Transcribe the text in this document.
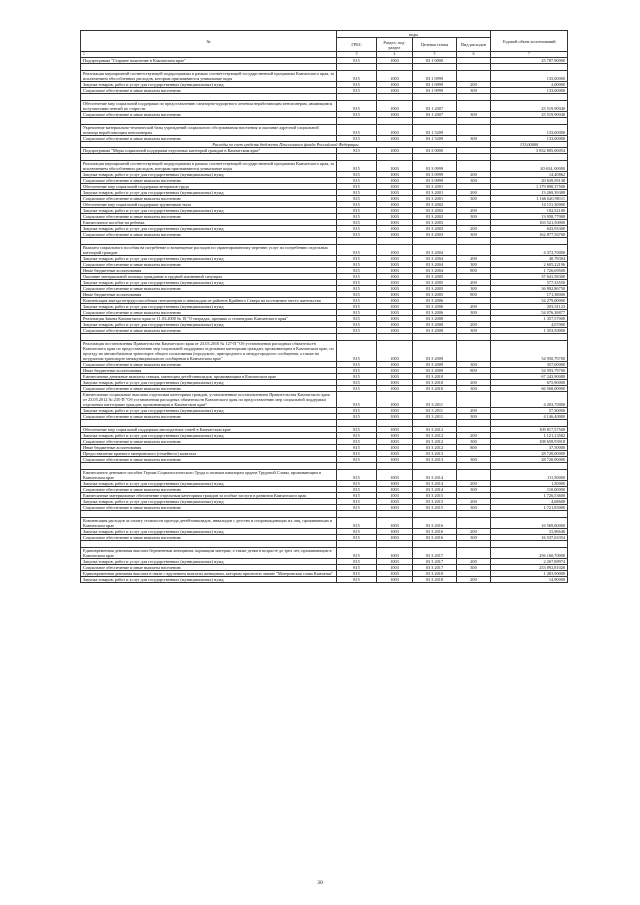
№	коды				Годовой объем ассигнований
	ГРБС	Раздел, под-раздел	Целевая статья	Вид расходов	
1	3	4	5	6	7
Подпрограмма "Старшее поколение в Камчатском крае"	815	1003	03 1 0000		25 787,90000

Реализация мероприятий соответствующей подпрограммы в рамках соответствующей государственной программы Камчатского края, за исключением обособленных расходов, которым присваиваются уникальные коды	815	1003	03 1 0999		135,00000
Закупка товаров, работ и услуг для государственных (муниципальных) нужд	815	1003	03 1 0999	200	2,00000
Социальное обеспечение и иные выплаты населению	815	1003	03 1 0999	300	133,00000

Обеспечение мер социальной поддержки по предоставлению санаторно-курортного лечения неработающим пенсионерам, являющимся получателями пенсий по старости	815	1003	03 1 2007		25 519,90040
Социальное обеспечение и иные выплаты населению	815	1003	03 1 2007	300	25 519,90040

Укрепление материально-технической базы учреждений социального обслуживания населения и оказание адресной социальной помощи неработающим пенсионерам	815	1003	03 1 5209		133,00000
Социальное обеспечение и иные выплаты населению	815	1003	03 1 5209	300	133,00000
Расходы за счет средств бюджета Пенсионного фонда Российской Федерации					133,00000
Подпрограмма "Меры социальной поддержки отдельных категорий граждан в Камчатском крае"	815	1003	03 3 0000		3 832 805,06054

Реализация мероприятий соответствующей подпрограммы в рамках соответствующей государственной программы Камчатского края, за исключением обособленных расходов, которым присваиваются уникальные коды	815	1003	03 3 0999		20 654, 00000
Закупка товаров, работ и услуг для государственных (муниципальных) нужд	815	1003	03 3 0999	200	14,40862
Социальное обеспечение и иные выплаты населению	815	1003	03 3 0999	300	20 639,59138
Обеспечение мер социальной поддержки ветеранов труда	815	1003	03 3 2001		1 179 890,37500
Закупка товаров, работ и услуг для государственных (муниципальных) нужд	815	1003	03 3 2001	200	13 269,39389
Социальное обеспечение и иные выплаты населению	815	1003	03 3 2001	300	1 166 620,98111
Обеспечение мер социальной поддержки тружеников тыла	815	1003	03 3 2002		14 151,30000
Закупка товаров, работ и услуг для государственных (муниципальных) нужд	815	1003	03 3 2002	200	192,52100
Социальное обеспечение и иные выплаты населению	815	1003	03 3 2002	300	13 958,77900
Ежемесячное пособие на ребенка	815	1003	03 3 2003		163 521,50000
Закупка товаров, работ и услуг для государственных (муниципальных) нужд	815	1003	03 3 2003	200	643,93300
Социальное обеспечение и иные выплаты населению	815	1003	03 3 2003	300	162 877,56700

Выплата социального пособия на погребение и возмещение расходов по гарантированному перечню услуг по погребению отдельных категорий граждан	815	1003	03 3 2004		4 372,70000
Закупка товаров, работ и услуг для государственных (муниципальных) нужд	815	1003	03 3 2004	200	40,78304
Социальное обеспечение и иные выплаты населению	815	1003	03 3 2004	300	2 605,22196
Иные бюджетные ассигнования	815	1003	03 3 2004	800	1 726,69500
Оказание материальной помощи гражданам в трудной жизненной ситуации	815	1003	03 3 2005		37 641,58300
Закупка товаров, работ и услуг для государственных (муниципальных) нужд	815	1003	03 3 2005	200	577,33550
Социальное обеспечение и иные выплаты населению	815	1003	03 3 2005	300	36 892,86750
Иные бюджетные ассигнования	815	1003	03 3 2005	800	171,38000
Компенсация выезда нетрудоспособным пенсионерам и инвалидам из районов Крайнего Севера на постоянное место жительства	815	1003	03 3 2006		54 279,00000
Закупка товаров, работ и услуг для государственных (муниципальных) нужд	815	1003	03 3 2006	200	203,51123
Социальное обеспечение и иные выплаты населению	815	1003	03 3 2006	300	54 076,38877
Реализация Закона Камчатского края от 11.03.2008 № 18 "О наградах, премиях и стипендиях Камчатского края"	815	1003	03 3 2008		1 357,57000
Закупка товаров, работ и услуг для государственных (муниципальных) нужд	815	1003	03 3 2008	200	4,07000
Социальное обеспечение и иные выплаты населению	815	1003	03 3 2008	300	1 353,50000

Реализация постановления Правительства Камчатского края от 23.03.2010 № 127-П "Об установлении расходных обязательств Камчатского края по предоставлению мер социальной поддержки отдельным категориям граждан, проживающим в Камчатском крае, по проезду на автомобильном транспорте общего пользования (городского, пригородного и междугородного сообщения, а также на воздушном транспорте межмуниципального сообщения в Камчатском крае"	815	1003	03 3 2009		54 950,79700
Социальное обеспечение и иные выплаты населению	815	1003	03 3 2009	300	357,00000
Иные бюджетные ассигнования	815	1003	03 3 2009	800	54 593,79700
Ежемесячные денежные выплаты семьям, имеющим детей-инвалидов, проживающим в Камчатском крае	815	1003	03 3 2010		67 243,90000
Закупка товаров, работ и услуг для государственных (муниципальных) нужд	815	1003	03 3 2010	200	675,90000
Социальное обеспечение и иные выплаты населению	815	1003	03 3 2010	300	66 568,00000
Ежемесячные социальные выплаты отдельным категориям граждан, установленные постановлением Правительства Камчатского края от 23.05.2012 № 235-П "Об установлении расходных обязательств Камчатского края по предоставлению мер социальной поддержки отдельным категориям граждан, проживающим в Камчатском крае"	815	1003	03 3 2011		4 203,70000
Закупка товаров, работ и услуг для государственных (муниципальных) нужд	815	1003	03 3 2011	200	57,30000
Социальное обеспечение и иные выплаты населению	815	1003	03 3 2011	300	4 146,40000

Обеспечение мер социальной поддержки многодетных семей в Камчатском крае	815	1003	03 3 2012		109 817,57500
Закупка товаров, работ и услуг для государственных (муниципальных) нужд	815	1003	03 3 2012	200	1 121,13582
Социальное обеспечение и иные выплаты населению	815	1003	03 3 2012	300	108 658,93918
Иные бюджетные ассигнования	815	1003	03 3 2012	800	37,50000
Предоставление краевого материнского (семейного) капитала	815	1003	03 3 2013		28 720,00000
Социальное обеспечение и иные выплаты населению	815	1003	03 3 2013	300	28 720,00000

Ежемесячное денежное пособие Героям Социалистического Труда и полным кавалерам ордена Трудовой Славы, проживающим в Камчатском крае	815	1003	03 3 2014		111,50000
Закупка товаров, работ и услуг для государственных (муниципальных) нужд	815	1003	03 3 2014	200	1,50000
Социальное обеспечение и иные выплаты населению	815	1003	03 3 2014	300	110,00000
Ежемесячные материальные обеспечение отдельным категориям граждан за особые заслуги в развитии Камчатского края	815	1003	03 3 2015		1 726,53600
Закупка товаров, работ и услуг для государственных (муниципальных) нужд	815	1003	03 3 2015	200	4,68600
Социальное обеспечение и иные выплаты населению	815	1003	03 3 2015	300	1 721,85000

Компенсация расходов за оплату стоимости проезда детей-инвалидов, инвалидов с детства и сопровождающих их лиц, проживающих в Камчатском крае	815	1003	03 3 2016		16 569,60000
Закупка товаров, работ и услуг для государственных (муниципальных) нужд	815	1003	03 3 2016	200	31,96646
Социальное обеспечение и иные выплаты населению	815	1003	03 3 2016	300	16 537,63354

Единовременная денежная выплата беременным женщинам, кормящим матерям, а также детям в возрасте до трех лет, проживающим в Камчатском крае	815	1003	03 3 2017		256 160,70000
Закупка товаров, работ и услуг для государственных (муниципальных) нужд	815	1003	03 3 2017	200	2 267,88974
Социальное обеспечение и иные выплаты населению	815	1003	03 3 2017	300	253 892,81026
Единовременная денежная выплата в связи с вручением выплаты женщинам, которым присвоено звание "Материнская слава Камчатки"	815	1003	03 3 2018		1 283,90000
Закупка товаров, работ и услуг для государственных (муниципальных) нужд	815	1003	03 3 2018	200	14,90000
30
